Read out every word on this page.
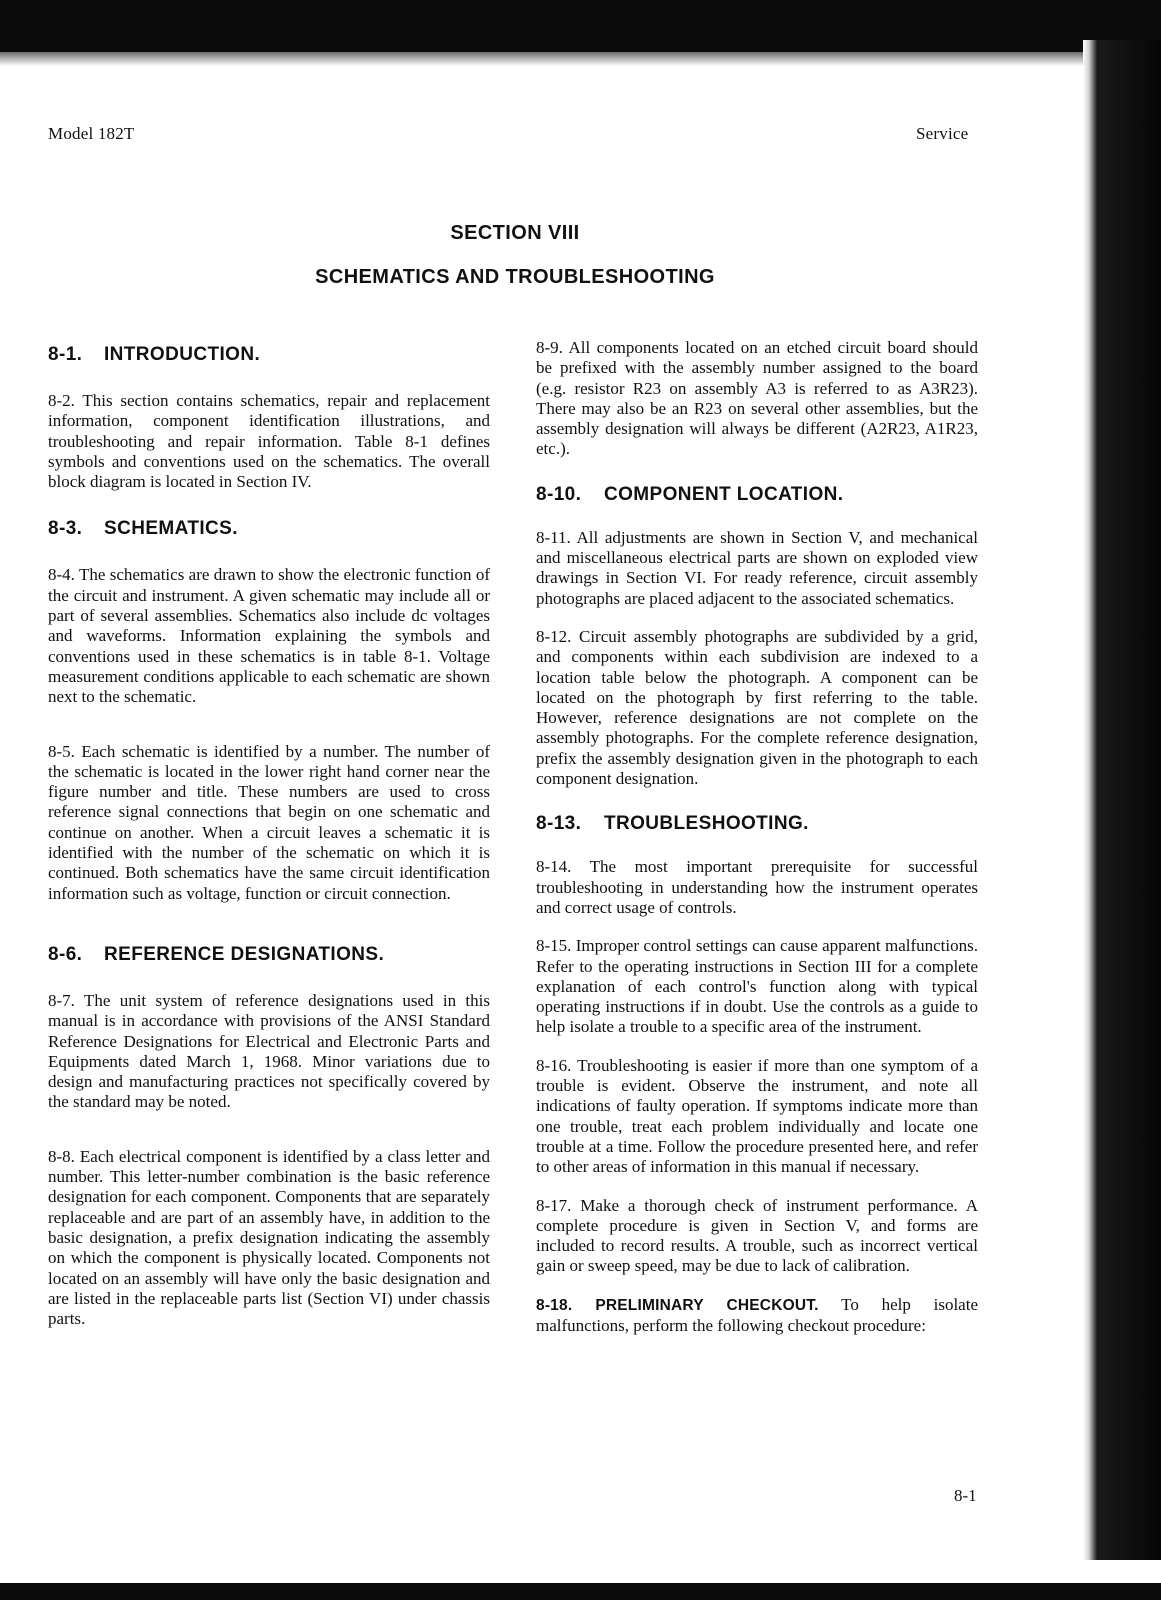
Model 182T	Service
SECTION VIII
SCHEMATICS AND TROUBLESHOOTING
8-1. INTRODUCTION.

8-2. This section contains schematics, repair and replacement information, component identification illustrations, and troubleshooting and repair information. Table 8-1 defines symbols and conventions used on the schematics. The overall block diagram is located in Section IV.

8-3. SCHEMATICS.

8-4. The schematics are drawn to show the electronic function of the circuit and instrument. A given schematic may include all or part of several assemblies. Schematics also include dc voltages and waveforms. Information explaining the symbols and conventions used in these schematics is in table 8-1. Voltage measurement conditions applicable to each schematic are shown next to the schematic.

8-5. Each schematic is identified by a number. The number of the schematic is located in the lower right hand corner near the figure number and title. These numbers are used to cross reference signal connections that begin on one schematic and continue on another. When a circuit leaves a schematic it is identified with the number of the schematic on which it is continued. Both schematics have the same circuit identification information such as voltage, function or circuit connection.

8-6. REFERENCE DESIGNATIONS.

8-7. The unit system of reference designations used in this manual is in accordance with provisions of the ANSI Standard Reference Designations for Electrical and Electronic Parts and Equipments dated March 1, 1968. Minor variations due to design and manufacturing practices not specifically covered by the standard may be noted.

8-8. Each electrical component is identified by a class letter and number. This letter-number combination is the basic reference designation for each component. Components that are separately replaceable and are part of an assembly have, in addition to the basic designation, a prefix designation indicating the assembly on which the component is physically located. Components not located on an assembly will have only the basic designation and are listed in the replaceable parts list (Section VI) under chassis parts.

8-9. All components located on an etched circuit board should be prefixed with the assembly number assigned to the board (e.g. resistor R23 on assembly A3 is referred to as A3R23). There may also be an R23 on several other assemblies, but the assembly designation will always be different (A2R23, A1R23, etc.).

8-10. COMPONENT LOCATION.

8-11. All adjustments are shown in Section V, and mechanical and miscellaneous electrical parts are shown on exploded view drawings in Section VI. For ready reference, circuit assembly photographs are placed adjacent to the associated schematics.

8-12. Circuit assembly photographs are subdivided by a grid, and components within each subdivision are indexed to a location table below the photograph. A component can be located on the photograph by first referring to the table. However, reference designations are not complete on the assembly photographs. For the complete reference designation, prefix the assembly designation given in the photograph to each component designation.

8-13. TROUBLESHOOTING.

8-14. The most important prerequisite for successful troubleshooting in understanding how the instrument operates and correct usage of controls.

8-15. Improper control settings can cause apparent malfunctions. Refer to the operating instructions in Section III for a complete explanation of each control's function along with typical operating instructions if in doubt. Use the controls as a guide to help isolate a trouble to a specific area of the instrument.

8-16. Troubleshooting is easier if more than one symptom of a trouble is evident. Observe the instrument, and note all indications of faulty operation. If symptoms indicate more than one trouble, treat each problem individually and locate one trouble at a time. Follow the procedure presented here, and refer to other areas of information in this manual if necessary.

8-17. Make a thorough check of instrument performance. A complete procedure is given in Section V, and forms are included to record results. A trouble, such as incorrect vertical gain or sweep speed, may be due to lack of calibration.

8-18. PRELIMINARY CHECKOUT. To help isolate malfunctions, perform the following checkout procedure:

8-1
